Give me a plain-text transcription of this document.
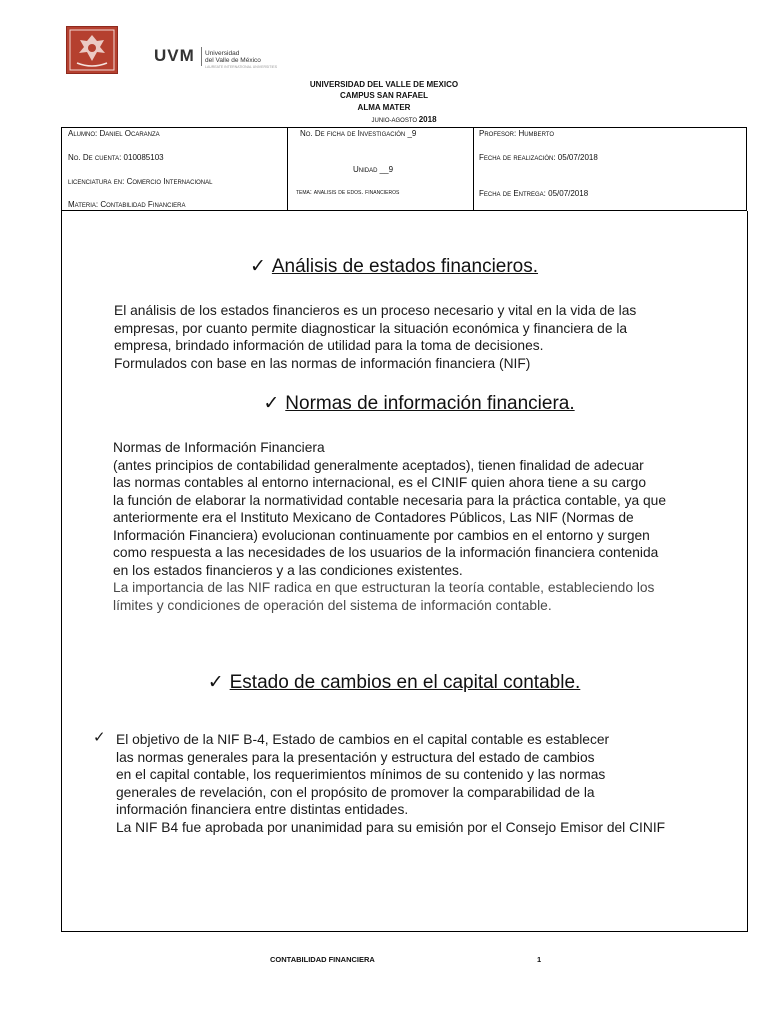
UVM Universidad
del Valle de México
LAUREATE INTERNATIONAL UNIVERSITIES
UNIVERSIDAD DEL VALLE DE MEXICO
CAMPUS SAN RAFAEL
ALMA MATER
JUNIO-AGOSTO 2018
Alumno: Daniel Ocaranza
No. De cuenta: 010085103
licenciatura en: Comercio Internacional
Materia: Contabilidad Financiera
No. De ficha de Investigación _9
Unidad __9
tema: analisis de edos. financieros
Profesor: Humberto
Fecha de realización: 05/07/2018
Fecha de Entrega: 05/07/2018
✓ Análisis de estados financieros.
El análisis de los estados financieros es un proceso necesario y vital en la vida de las
empresas, por cuanto permite diagnosticar la situación económica y financiera de la
empresa, brindado información de utilidad para la toma de decisiones.
Formulados con base en las normas de información financiera (NIF)
✓ Normas de información financiera.
Normas de Información Financiera
(antes principios de contabilidad generalmente aceptados), tienen finalidad de adecuar
las normas contables al entorno internacional, es el CINIF quien ahora tiene a su cargo
la función de elaborar la normatividad contable necesaria para la práctica contable, ya que
anteriormente era el Instituto Mexicano de Contadores Públicos, Las NIF (Normas de
Información Financiera) evolucionan continuamente por cambios en el entorno y surgen
como respuesta a las necesidades de los usuarios de la información financiera contenida
en los estados financieros y a las condiciones existentes.
La importancia de las NIF radica en que estructuran la teoría contable, estableciendo los
límites y condiciones de operación del sistema de información contable.
✓ Estado de cambios en el capital contable.
✓ El objetivo de la NIF B-4, Estado de cambios en el capital contable es establecer
las normas generales para la presentación y estructura del estado de cambios
en el capital contable, los requerimientos mínimos de su contenido y las normas
generales de revelación, con el propósito de promover la comparabilidad de la
información financiera entre distintas entidades.
La NIF B4 fue aprobada por unanimidad para su emisión por el Consejo Emisor del CINIF
CONTABILIDAD FINANCIERA	1
